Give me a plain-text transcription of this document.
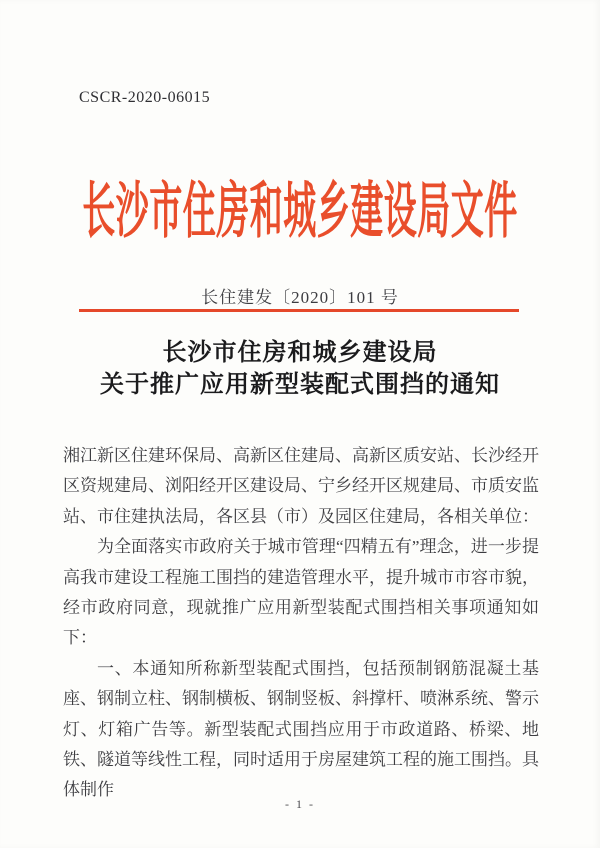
CSCR-2020-06015
长沙市住房和城乡建设局文件
长住建发〔2020〕101 号
长沙市住房和城乡建设局
关于推广应用新型装配式围挡的通知

湘江新区住建环保局、高新区住建局、高新区质安站、长沙经开区资规建局、浏阳经开区建设局、宁乡经开区规建局、市质安监站、市住建执法局，各区县（市）及园区住建局，各相关单位：

为全面落实市政府关于城市管理“四精五有”理念，进一步提高我市建设工程施工围挡的建造管理水平，提升城市市容市貌，经市政府同意，现就推广应用新型装配式围挡相关事项通知如下：

一、本通知所称新型装配式围挡，包括预制钢筋混凝土基座、钢制立柱、钢制横板、钢制竖板、斜撑杆、喷淋系统、警示灯、灯箱广告等。新型装配式围挡应用于市政道路、桥梁、地铁、隧道等线性工程，同时适用于房屋建筑工程的施工围挡。具体制作

- 1 -
